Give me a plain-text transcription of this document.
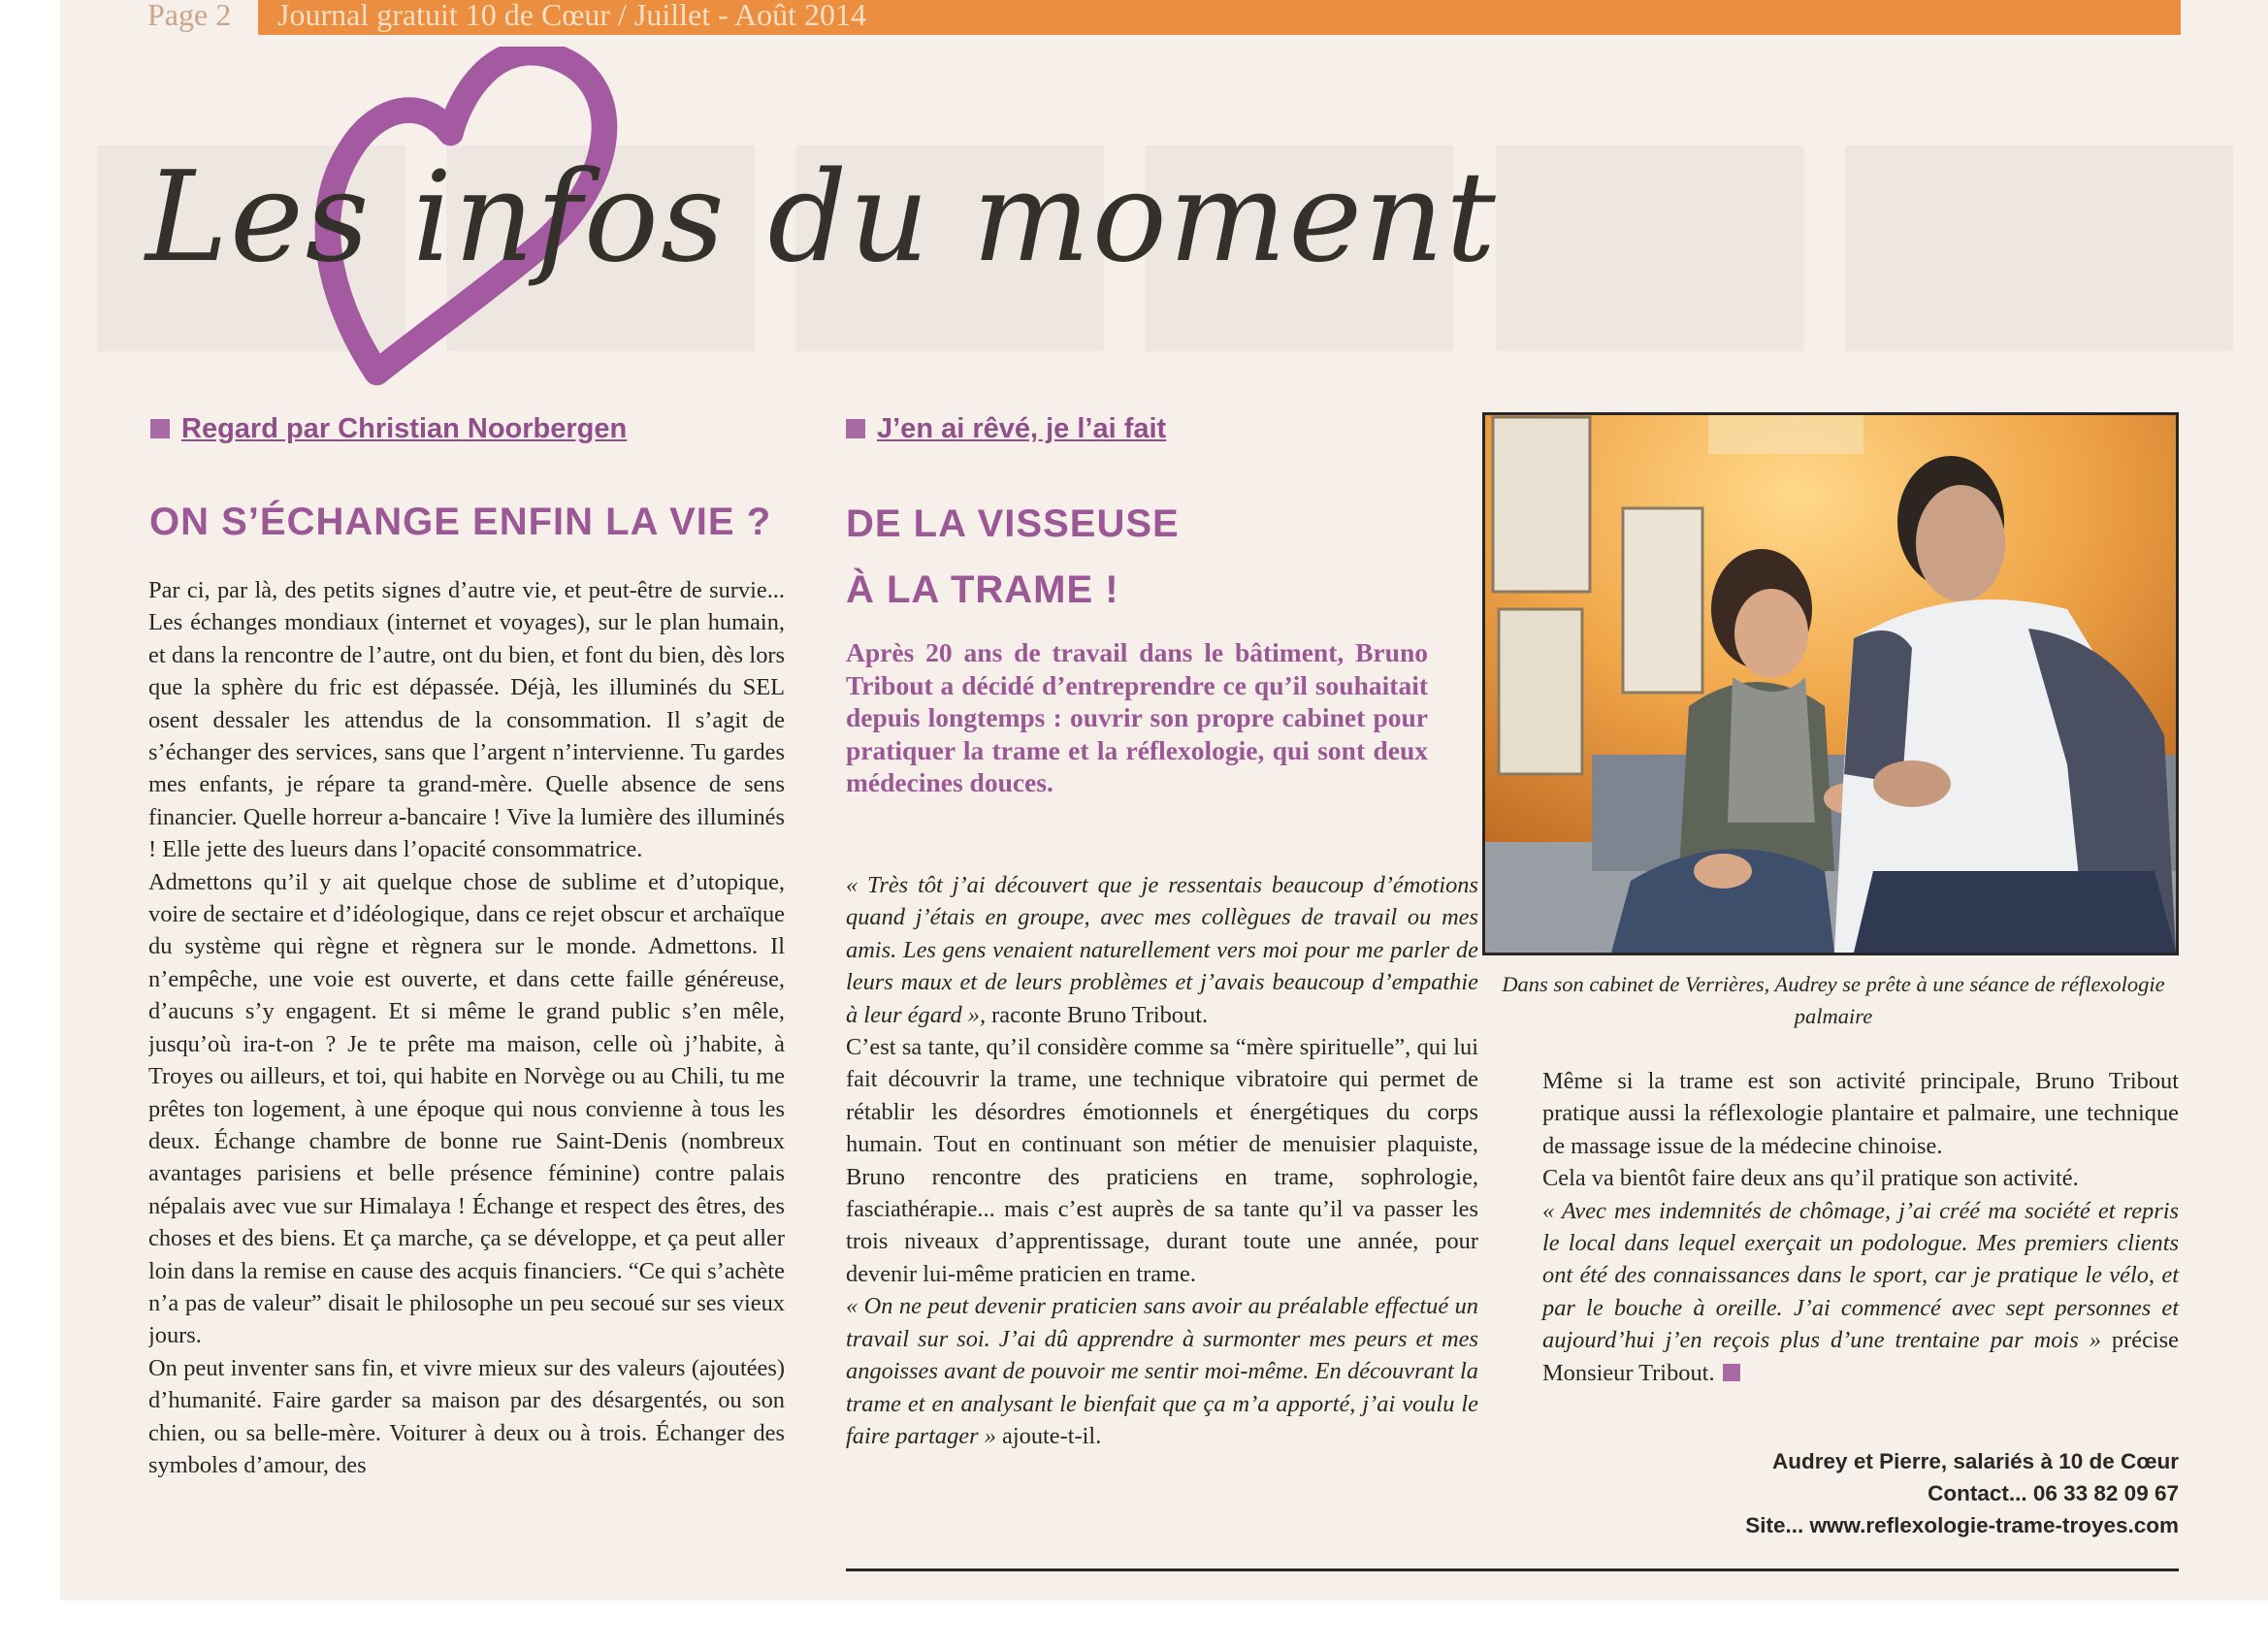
Page 2 Journal gratuit 10 de Cœur / Juillet - Août 2014
Les infos du moment
Regard par Christian Noorbergen
ON S’ÉCHANGE ENFIN LA VIE ?

Par ci, par là, des petits signes d’autre vie, et peut-être de survie... Les échanges mondiaux (internet et voyages), sur le plan humain, et dans la rencontre de l’autre, ont du bien, et font du bien, dès lors que la sphère du fric est dépassée. Déjà, les illuminés du SEL osent dessaler les attendus de la consommation. Il s’agit de s’échanger des services, sans que l’argent n’intervienne. Tu gardes mes enfants, je répare ta grand-mère. Quelle absence de sens financier. Quelle horreur a-bancaire ! Vive la lumière des illuminés ! Elle jette des lueurs dans l’opacité consommatrice.

Admettons qu’il y ait quelque chose de sublime et d’utopique, voire de sectaire et d’idéologique, dans ce rejet obscur et archaïque du système qui règne et règnera sur le monde. Admettons. Il n’empêche, une voie est ouverte, et dans cette faille généreuse, d’aucuns s’y engagent. Et si même le grand public s’en mêle, jusqu’où ira-t-on ? Je te prête ma maison, celle où j’habite, à Troyes ou ailleurs, et toi, qui habite en Norvège ou au Chili, tu me prêtes ton logement, à une époque qui nous convienne à tous les deux. Échange chambre de bonne rue Saint-Denis (nombreux avantages parisiens et belle présence féminine) contre palais népalais avec vue sur Himalaya ! Échange et respect des êtres, des choses et des biens. Et ça marche, ça se développe, et ça peut aller loin dans la remise en cause des acquis financiers. “Ce qui s’achète n’a pas de valeur” disait le philosophe un peu secoué sur ses vieux jours.

On peut inventer sans fin, et vivre mieux sur des valeurs (ajoutées) d’humanité. Faire garder sa maison par des désargentés, ou son chien, ou sa belle-mère. Voiturer à deux ou à trois. Échanger des symboles d’amour, des

J’en ai rêvé, je l’ai fait
DE LA VISSEUSE
À LA TRAME !
Après 20 ans de travail dans le bâtiment, Bruno Tribout a décidé d’entreprendre ce qu’il souhaitait depuis longtemps : ouvrir son propre cabinet pour pratiquer la trame et la réflexologie, qui sont deux médecines douces.

« Très tôt j’ai découvert que je ressentais beaucoup d’émotions quand j’étais en groupe, avec mes collègues de travail ou mes amis. Les gens venaient naturellement vers moi pour me parler de leurs maux et de leurs problèmes et j’avais beaucoup d’empathie à leur égard », raconte Bruno Tribout.

C’est sa tante, qu’il considère comme sa “mère spirituelle”, qui lui fait découvrir la trame, une technique vibratoire qui permet de rétablir les désordres émotionnels et énergétiques du corps humain. Tout en continuant son métier de menuisier plaquiste, Bruno rencontre des praticiens en trame, sophrologie, fasciathérapie... mais c’est auprès de sa tante qu’il va passer les trois niveaux d’apprentissage, durant toute une année, pour devenir lui-même praticien en trame.

« On ne peut devenir praticien sans avoir au préalable effectué un travail sur soi. J’ai dû apprendre à surmonter mes peurs et mes angoisses avant de pouvoir me sentir moi-même. En découvrant la trame et en analysant le bienfait que ça m’a apporté, j’ai voulu le faire partager » ajoute-t-il.

Dans son cabinet de Verrières, Audrey se prête à une séance de réflexologie palmaire

Même si la trame est son activité principale, Bruno Tribout pratique aussi la réflexologie plantaire et palmaire, une technique de massage issue de la médecine chinoise.

Cela va bientôt faire deux ans qu’il pratique son activité.

« Avec mes indemnités de chômage, j’ai créé ma société et repris le local dans lequel exerçait un podologue. Mes premiers clients ont été des connaissances dans le sport, car je pratique le vélo, et par le bouche à oreille. J’ai commencé avec sept personnes et aujourd’hui j’en reçois plus d’une trentaine par mois » précise Monsieur Tribout.

Audrey et Pierre, salariés à 10 de Cœur
Contact... 06 33 82 09 67
Site... www.reflexologie-trame-troyes.com
